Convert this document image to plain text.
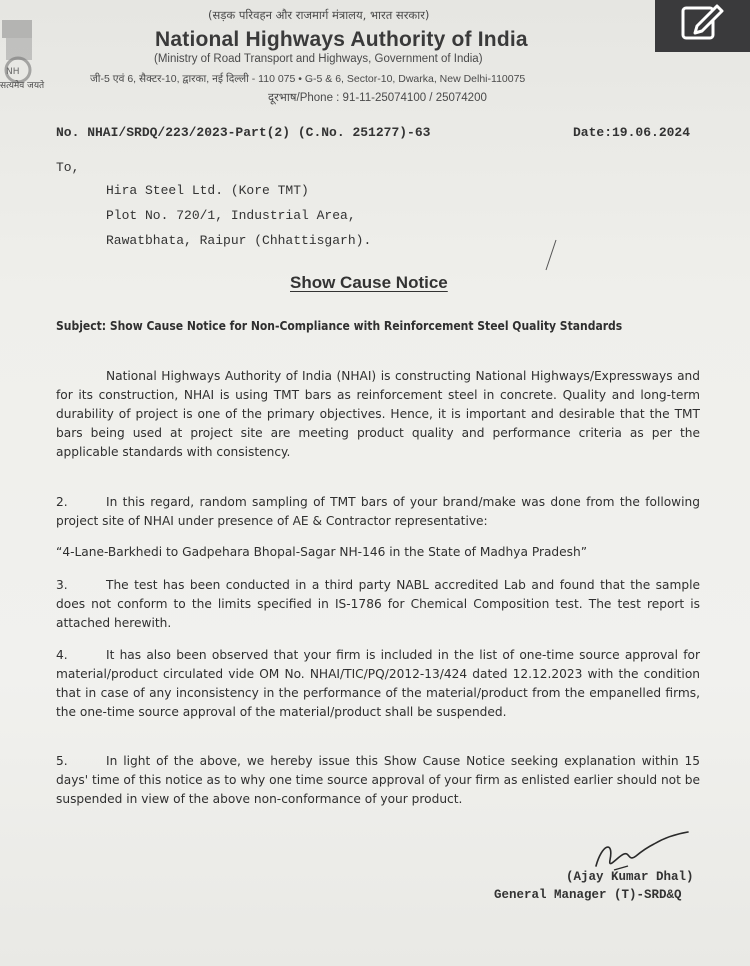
NH
सत्यमेव जयते
(सड़क परिवहन और राजमार्ग मंत्रालय, भारत सरकार)
National Highways Authority of India
(Ministry of Road Transport and Highways, Government of India)
जी-5 एवं 6, सैक्टर-10, द्वारका, नई दिल्ली - 110 075 • G-5 & 6, Sector-10, Dwarka, New Delhi-110075
दूरभाष/Phone : 91-11-25074100 / 25074200
No. NHAI/SRDQ/223/2023-Part(2) (C.No. 251277)-63	Date:19.06.2024
To,
Hira Steel Ltd. (Kore TMT)
Plot No. 720/1, Industrial Area,
Rawatbhata, Raipur (Chhattisgarh).
Show Cause Notice
Subject: Show Cause Notice for Non-Compliance with Reinforcement Steel Quality Standards
National Highways Authority of India (NHAI) is constructing National Highways/Expressways and for its construction, NHAI is using TMT bars as reinforcement steel in concrete. Quality and long-term durability of project is one of the primary objectives. Hence, it is important and desirable that the TMT bars being used at project site are meeting product quality and performance criteria as per the applicable standards with consistency.
2.	In this regard, random sampling of TMT bars of your brand/make was done from the following project site of NHAI under presence of AE & Contractor representative:
“4-Lane-Barkhedi to Gadpehara Bhopal-Sagar NH-146 in the State of Madhya Pradesh”
3.	The test has been conducted in a third party NABL accredited Lab and found that the sample does not conform to the limits specified in IS-1786 for Chemical Composition test. The test report is attached herewith.
4.	It has also been observed that your firm is included in the list of one-time source approval for material/product circulated vide OM No. NHAI/TIC/PQ/2012-13/424 dated 12.12.2023 with the condition that in case of any inconsistency in the performance of the material/product from the empanelled firms, the one-time source approval of the material/product shall be suspended.
5.	In light of the above, we hereby issue this Show Cause Notice seeking explanation within 15 days' time of this notice as to why one time source approval of your firm as enlisted earlier should not be suspended in view of the above non-conformance of your product.
(Ajay Kumar Dhal)
General Manager (T)-SRD&Q
